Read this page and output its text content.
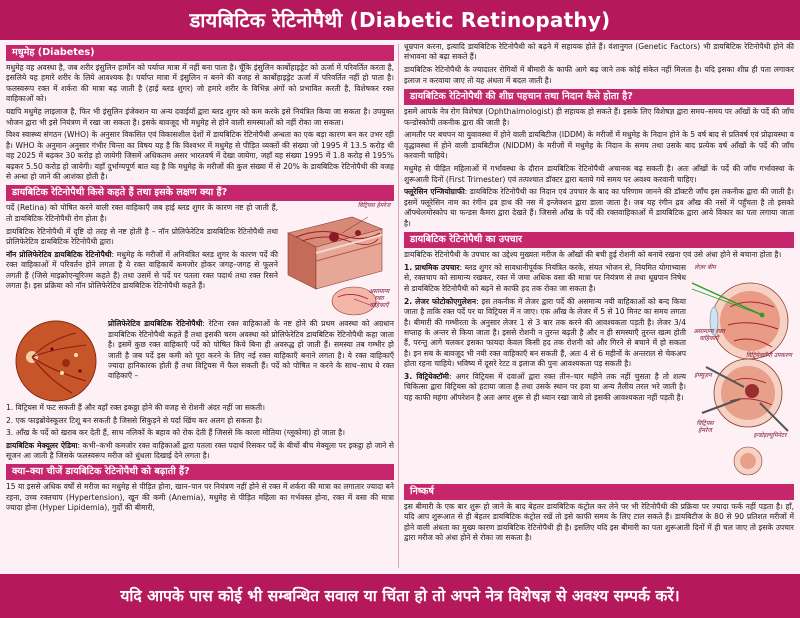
डायबिटिक रेटिनोपैथी (Diabetic Retinopathy)
मधुमेह (Diabetes)

मधुमेह वह अवस्था है, जब शरीर इंसुलिन हार्मोन को पर्याप्त मात्रा में नहीं बना पाता है। चूँकि इंसुलिन कार्बोहाइड्रेट को ऊर्जा में परिवर्तित करता है, इसलिये यह हमारे शरीर के लिये आवश्यक है। पर्याप्त मात्रा में इंसुलिन न बनने की वजह से कार्बोहाइड्रेट ऊर्जा में परिवर्तित नहीं हो पाता है। फलस्वरूप रक्त में शर्करा की मात्रा बढ़ जाती है (हाई ब्लड शुगर) जो हमारे शरीर के विभिन्न अंगों को प्रभावित करती है, विशेषकर रक्त वाहिकाओं को।

यद्यपि मधुमेह लाइलाज है, फिर भी इंसुलिन इंजेक्शन या अन्य दवाईयाँ द्वारा ब्लड शुगर को कम करके इसे नियंत्रित किया जा सकता है। उपयुक्त भोजन द्वारा भी इसे नियंत्रण में रखा जा सकता है। इसके बावजूद भी मधुमेह से होने वाली समस्याओं को नहीं रोका जा सकता।

विश्व स्वास्थ्य संगठन (WHO) के अनुसार विकसित एवं विकासशील देशों में डायबिटिक रेटिनोपैथी अन्धता का एक बड़ा कारण बन कर उभर रही है। WHO के अनुमान अनुसार गंभीर चिन्ता का विषय यह है कि विश्वभर में मधुमेह से पीड़ित व्यक्तों की संख्या जो 1995 में 13.5 करोड़ थी वह 2025 में बढ़कर 30 करोड़ हो जायेगी जिसमें अधिकतम असर भारतवर्ष में देखा जायेगा, जहाँ यह संख्या 1995 में 1.8 करोड़ से 195% बढ़कर 5.50 करोड़ हो जायेगी। यहाँ दुर्भाग्यपूर्ण बात यह है कि मधुमेह के मरीजों की कुल संख्या में से 20% के डायबिटिक रेटिनोपैथी की वजह से अन्धा हो जाने की आशंका होती है।

डायबिटिक रेटिनोपैथी किसे कहते हैं तथा इसके लक्षण क्या हैं?

पर्दे (Retina) को पोषित करने वाली रक्त वाहिकाएँ जब हाई ब्लड शुगर के कारण नष्ट हो जाती हैं, तो डायबिटिक रेटिनोपैथी रोग होता है।

डायबिटिक रेटिनोपैथी में दृष्टि दो तरह से नष्ट होती है – नॉन प्रोलिफेरेटिव डायबिटिक रेटिनोपैथी तथा प्रोलिफेरेटिव डायबिटिक रेटिनोपैथी द्वारा।

नॉन प्रोलिफेरेटिव डायबिटिक रेटिनोपैथी: मधुमेह के मरीजों में अनियंत्रित ब्लड शुगर के कारण पर्दे की रक्त वाहिकाओं में परिवर्तन होने लगता है ये रक्त वाहिकायें कमजोर होकर जगह–जगह से फूलने लगती हैं (जिसे माइक्रोएन्यूरिज्म कहते हैं) तथा उसमें से पर्दे पर पतला रक्त पदार्थ तथा रक्त रिसने लगता है। इस प्रक्रिया को नॉन प्रोलिफेरेटिव डायबिटिक रेटिनोपैथी कहते हैं।

विट्रियस हेमरेज
असामान्य रक्त वाहिकाएँ

प्रोलिफेरेटिव डायबिटिक रेटिनोपैथी: रेटिना रक्त वाहिकाओं के नष्ट होने की प्रथम अवस्था को अग्रधान डायबिटिक रेटिनोपैथी कहते हैं तथा इसकी चरम अवस्था को प्रोलिफेरेटिव डायबिटिक रेटिनोपैथी कहा जाता है। इसमें कुछ रक्त वाहिकाएँ पर्दे को पोषित किये बिना ही अवरुद्ध हो जाती हैं। समस्या तब गम्भीर हो जाती है जब पर्दे इस कमी को पूरा करने के लिए नई रक्त वाहिकाएँ बनाने लगता है। ये रक्त वाहिकाएँ ज्यादा हानिकारक होती हैं तथा विट्रियस में फैल सकती हैं। पर्दे को पोषित न करने के साथ–साथ ये रक्त वाहिकाएँ –

1. विट्रियस में फट सकती हैं और वहाँ रक्त इकठ्ठा होने की वजह से रोशनी अंदर नहीं जा सकती।

2. एक फाइब्रोवेस्कूलर टिशू बन सकती है जिससे सिकुड़ने से पर्दा खिंच कर अलग हो सकता है।

3. आँख के पर्दे को खराब कर देती हैं, साथ नलिकों के बहाव को रोक देती हैं जिससे कि काला मोतिया (ग्लूकोमा) हो जाता है।

डायबिटिक मेक्यूलर ऐडिमा: कभी–कभी कमजोर रक्त वाहिकाओं द्वारा पतला रक्त पदार्थ रिसकर पर्दे के बीचों बीच मेक्यूला पर इकट्ठा हो जाने से सूजन आ जाती है जिसके फलस्वरूप मरीज को धुंधला दिखाई देने लगता है।

क्या–क्या चीजें डायबिटिक रेटिनोपैथी को बढ़ाती हैं?

15 या इससे अधिक वर्षों से मरीज का मधुमेह से पीड़ित होना, खान–पान पर नियंत्रण नहीं होने से रक्त में शर्करा की मात्रा का लगातार ज्यादा बने रहना, उच्च रक्तचाप (Hypertension), खून की कमी (Anemia), मधुमेह से पीड़ित महिला का गर्भवस्त होना, रक्त में वसा की मात्रा ज्यादा होना (Hyper Lipidemia), गुर्दों की बीमारी,

धूम्रपान करना, इत्यादि डायबिटिक रेटिनोपैथी को बढ़ने में सहायक होते हैं। वंशानुगत (Genetic Factors) भी डायबिटिक रेटिनोपैथी होने की संभावना को बढ़ा सकते हैं।

डायबिटिक रेटिनोपैथी के ज्यादातर रोगियों में बीमारी के काफी आगे बढ़ जाने तक कोई संकेत नहीं मिलता है। यदि इसका शीघ्र ही पता लगाकर इलाज न करवाया जाए तो यह अंधता में बदल जाती है।

डायबिटिक रेटिनोपैथी की शीघ्र पहचान तथा निदान कैसे होता है?

इसमें आपके नेत्र रोग विशेषज्ञ (Ophthalmologist) ही सहायक हो सकते हैं। इसके लिए विशेषज्ञ द्वारा समय–समय पर आँखों के पर्दे की जाँच फन्डोस्कोपी तकनीक द्वारा की जाती है।

आमतौर पर बचपन या युवावस्था में होने वाली डायबिटीज (IDDM) के मरीजों में मधुमेह के निदान होने के 5 वर्ष बाद से प्रतिवर्ष एवं प्रोढ़ावस्था व वृद्धावस्था में होने वाली डायबिटीज (NIDDM) के मरीजों में मधुमेह के निदान के समय तथा उसके बाद प्रत्येक वर्ष आँखों के पर्दे की जाँच करवानी चाहिये।

मधुमेह से पीड़ित महिलाओं में गर्भावस्था के दौरान डायबिटिक रेटिनोपैथी अचानक बढ़ सकती है। अतः आँखों के पर्दे की जाँच गर्भावस्था के शुरूआती दिनों (First Trimester) एवं तत्पश्चात डॉक्टर द्वारा बताये गये समय पर अवश्य करवानी चाहिए।

फ्लूरेसिन एन्जियोग्राफी: डायबिटिक रेटिनोपैथी का निदान एवं उपचार के बाद का परिणाम जानने की डॉक्टरी जाँच इस तकनीक द्वारा की जाती है। इसमें फ्लूरेसिन नाम का रंगीन द्रव हाथ की नस में इन्जेक्शन द्वारा डाला जाता है। जब यह रंगीन द्रव आँख की नसों में पहुँचता है तो इसको ऑफ्थेलमोस्कोप या फन्डस कैमरा द्वारा देखते हैं। जिससे आँख के पर्दे की रक्तवाहिकाओं में डायबिटिक द्वारा आये विकार का पता लगाया जाता है।

डायबिटिक रेटिनोपैथी का उपचार

डायबिटिक रेटिनोपैथी के उपचार का उद्देश्य मुख्यतः मरीज के आँखों की बची हुई रोशनी को बनाये रखना एवं उसे अंधा होने से बचाना होता है।

1. प्राथमिक उपचार: ब्लड शुगर को सावधानीपूर्वक नियंत्रित करके, संयत भोजन से, नियमित योगाभ्यास से, रक्तचाप को सामान्य रखकर, रक्त में जमा अधिक वसा की मात्रा पर नियंत्रण से तथा धूम्रपान निषेध से डायबिटिक रेटिनोपैथी को बढ़ने से काफी हद तक रोका जा सकता है।

2. लेजर फोटोकोएगुलेशन: इस तकनीक में लेजर द्वारा पर्दे की असमान्य नयी वाहिकाओं को बन्द किया जाता है ताकि रक्त पर्दे पर या विट्रियस में न जाए। एक आँख के लेजर में 5 से 10 मिनट का समय लगता है। बीमारी की गम्भीरता के अनुसार लेजर 1 से 3 बार तक करने की आवश्यकता पड़ती है। लेजर 3/4 सप्ताह के अन्तर से किया जाता है। इससे रोशनी न तुरन्त बढ़ती है और न ही समस्याएँ तुरन्त खत्म होती हैं, परन्तु आगे चलकर इसका फायदा केवल किसी हद तक रोशनी को और गिरने से बचाने में हो सकता है। इन सब के बावजूद भी नयी रक्त वाहिकाएँ बन सकती हैं, अतः 4 से 6 महीनों के अन्तराल से चेकअप होता रहना चाहिये। भविष्य में दूसरे रेटट व इलाज की पुनः आवश्यकता पड़ सकती है।

3. विट्रियेक्टॉमी: अगर विट्रियस में दवाओं द्वारा रक्त तीन–चार महीने तक नहीं चुसता है तो शल्य चिकित्सा द्वारा विट्रियस को हटाया जाता है तथा उसके स्थान पर हवा या अन्य तैलीय तरल भरे जाती है। यह काफी महंगा ऑपरेशन है अतः अगर शुरू से ही ध्यान रखा जाये तो इसकी आवश्यकता नहीं पड़ती है।

लेज़र बीम
असामान्य रक्त वाहिकाएँ
विट्रियेक्टॉमी उपकरण
इंफ्यूज़न
विट्रियस हेमरेज
इन्डोइल्यूमिनेटर
निष्कर्ष

इस बीमारी के एक बार शुरू हो जाने के बाद बेहतर डायबिटिक कंट्रोल कर लेने पर भी रेटिनोपैथी की प्रक्रिया पर ज्यादा फर्क नहीं पड़ता है। हाँ, यदि आप शुरूआत से ही बेहतर डायबिटिक कंट्रोल रखें तो इसे काफी समय के लिए टाल सकते हैं। डायबिटीज के 80 से 90 प्रतिशत मरीजों में होने वाली अंधता का मुख्य कारण डायबिटिक रेटिनोपैथी ही है। इसलिए यदि इस बीमारी का पता शुरूआती दिनों में ही चल जाए तो इसके उपचार द्वारा मरीज को अंधा होने से रोका जा सकता है।

यदि आपके पास कोई भी सम्बन्धित सवाल या चिंता हो तो अपने नेत्र विशेषज्ञ से अवश्य सम्पर्क करें।
